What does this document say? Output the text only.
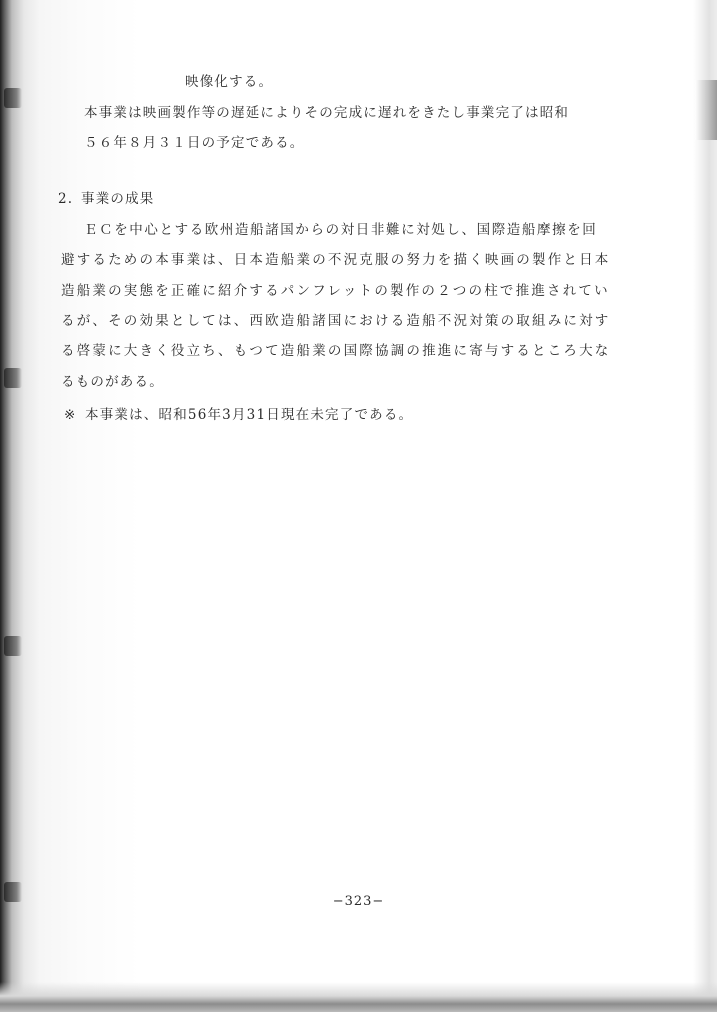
映像化する。
本事業は映画製作等の遅延によりその完成に遅れをきたし事業完了は昭和
５６年８月３１日の予定である。
2. 事業の成果
ＥＣを中心とする欧州造船諸国からの対日非難に対処し、国際造船摩擦を回
避するための本事業は、日本造船業の不況克服の努力を描く映画の製作と日本
造船業の実態を正確に紹介するパンフレットの製作の２つの柱で推進されてい
るが、その効果としては、西欧造船諸国における造船不況対策の取組みに対す
る啓蒙に大きく役立ち、もつて造船業の国際協調の推進に寄与するところ大な
るものがある。
※ 本事業は、昭和56年3月31日現在未完了である。
−323−
